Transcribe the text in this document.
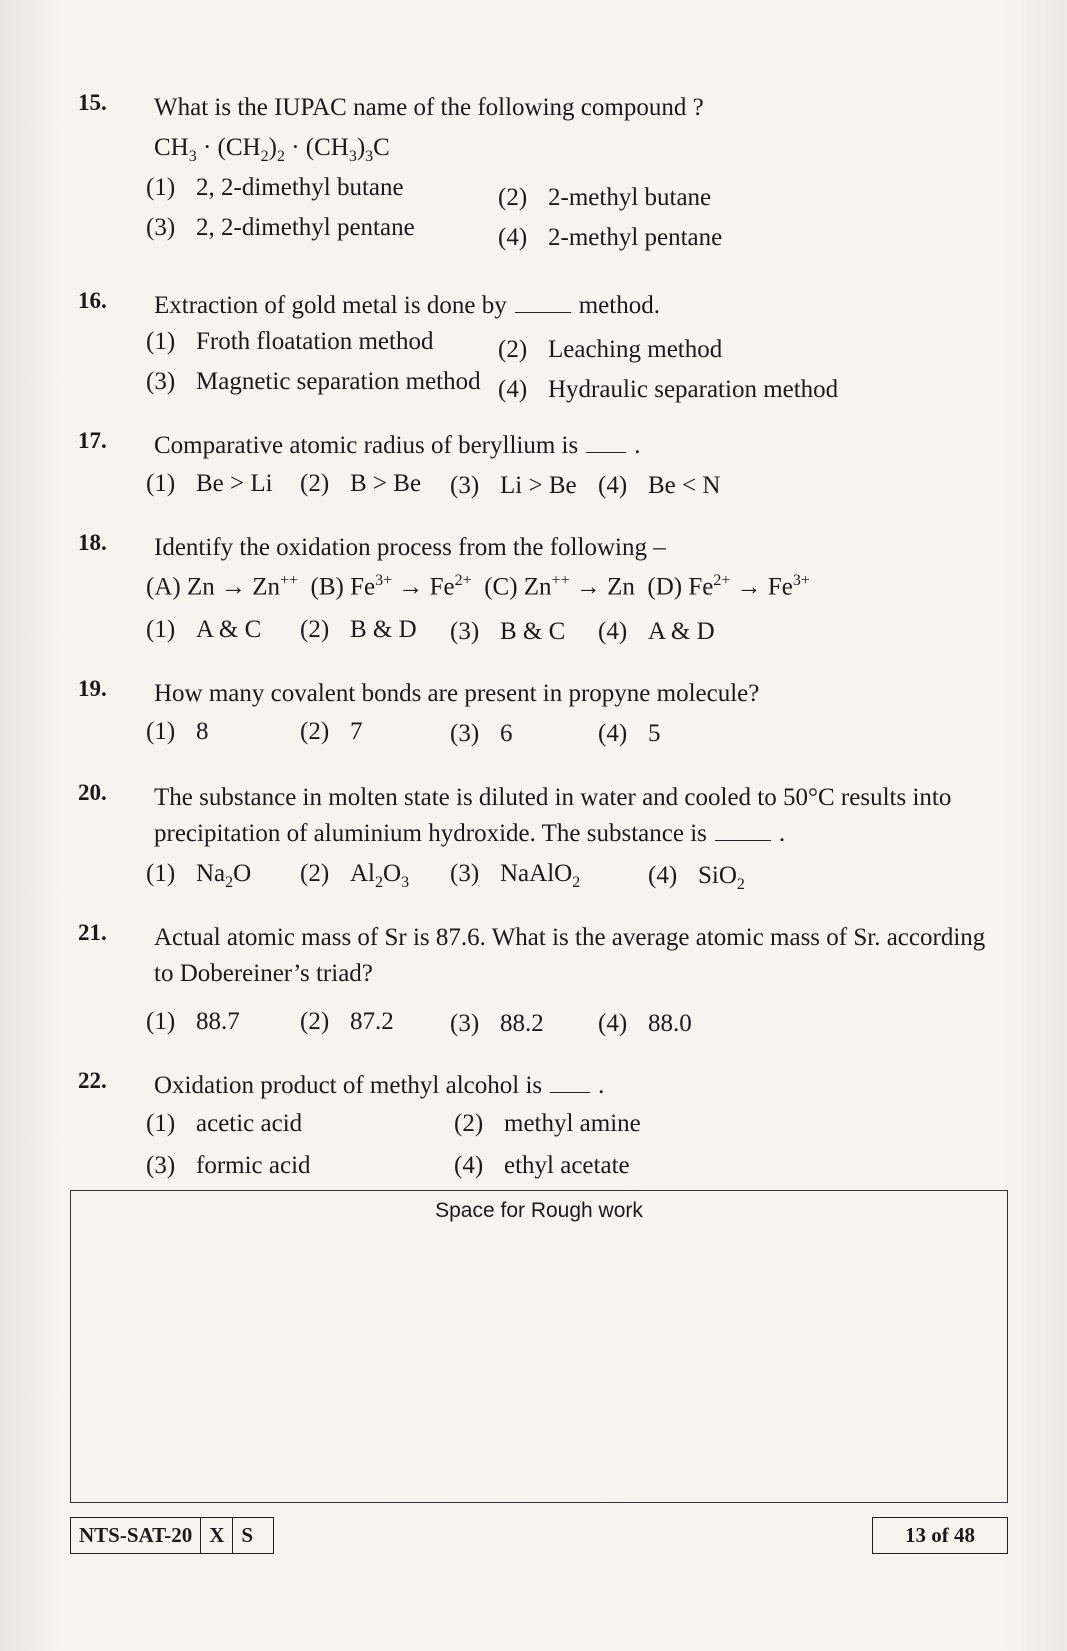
15. What is the IUPAC name of the following compound ?
$CH_3 \cdot (CH_2)_2 \cdot (CH_3)_3C$
(1) 2, 2-dimethyl butane	(2) 2-methyl butane
(3) 2, 2-dimethyl pentane	(4) 2-methyl pentane
16. Extraction of gold metal is done by	method.
(1) Froth floatation method	(2) Leaching method
(3) Magnetic separation method (4) Hydraulic separation method
17. Comparative atomic radius of beryllium is .
(1) Be > Li (2) B > Be (3) Li > Be (4) Be < N
18. Identify the oxidation process from the following –
(A) Zn → Zn++  (B) $Fe^{3+} \to Fe^{2+}$  (C) Zn++ → Zn  (D) $Fe^{2+} \to Fe^{3+}$
(1) A & C (2) B & D (3) B & C (4) A & D
19. How many covalent bonds are present in propyne molecule?
(1) 8	(2) 7	(3) 6	(4) 5
20. The substance in molten state is diluted in water and cooled to 50°C results into
precipitation of aluminium hydroxide. The substance is	.
(1) $Na_2O$ (2) $Al_2O_3$ (3) NaAlO$_2$	(4) SiO$_2$
21. Actual atomic mass of Sr is 87.6. What is the average atomic mass of Sr. according
to Dobereiner’s triad?
(1) 88.7 (2) 87.2 (3) 88.2 (4) 88.0
22. Oxidation product of methyl alcohol is .
(1) acetic acid	(2) methyl amine
(3) formic acid	(4) ethyl acetate
Space for Rough work
NTS-SAT-20 X S	13 of 48
